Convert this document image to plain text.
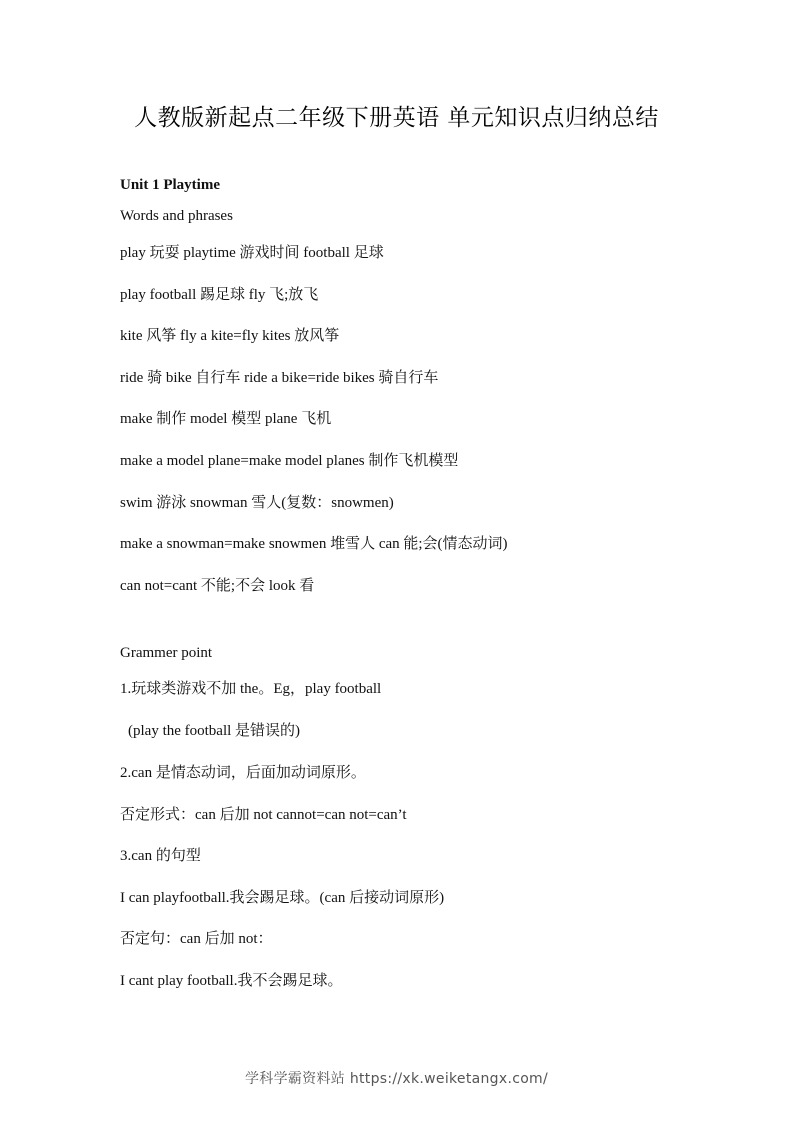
人教版新起点二年级下册英语 单元知识点归纳总结
Unit 1 Playtime
Words and phrases
play 玩耍 playtime 游戏时间 football 足球
play football 踢足球 fly 飞;放飞
kite 风筝 fly a kite=fly kites 放风筝
ride 骑 bike 自行车 ride a bike=ride bikes 骑自行车
make 制作 model 模型 plane 飞机
make a model plane=make model planes 制作飞机模型
swim 游泳 snowman 雪人(复数：snowmen)
make a snowman=make snowmen 堆雪人 can 能;会(情态动词)
can not=cant 不能;不会 look 看
Grammer point
1.玩球类游戏不加 the。Eg，play football
(play the football 是错误的)
2.can 是情态动词，后面加动词原形。
否定形式：can 后加 not cannot=can not=can’t
3.can 的句型
I can playfootball.我会踢足球。(can 后接动词原形)
否定句：can 后加 not：
I cant play football.我不会踢足球。
学科学霸资料站 https://xk.weiketangx.com/
